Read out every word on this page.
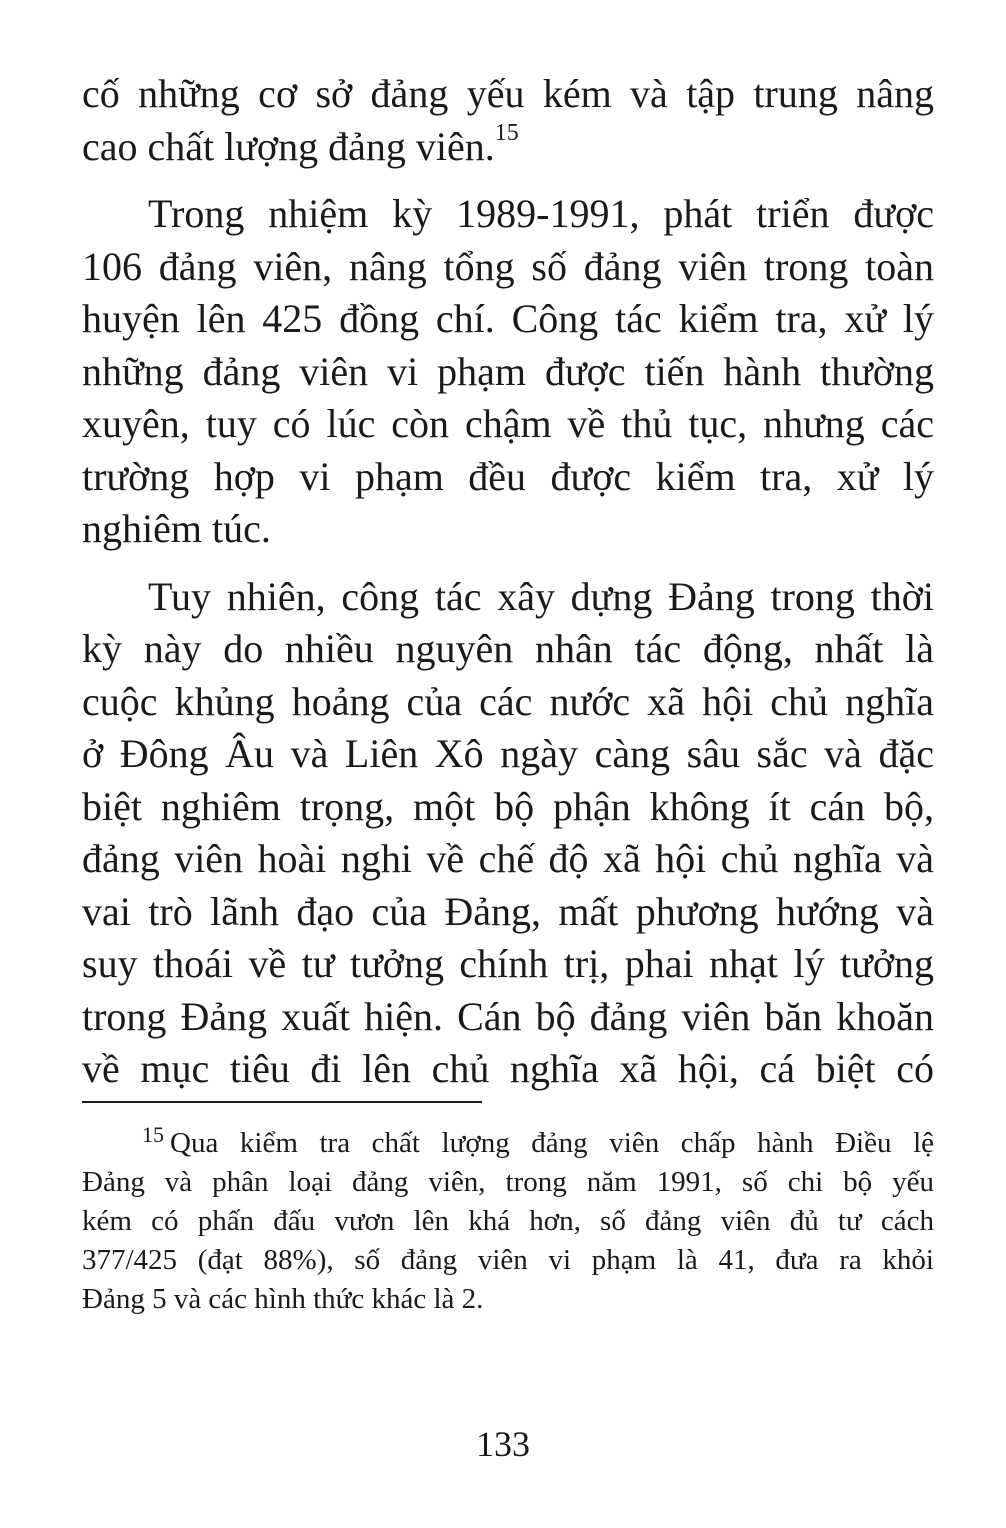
cố những cơ sở đảng yếu kém và tập trung nâng
cao chất lượng đảng viên.$^{15}$

Trong nhiệm kỳ 1989-1991, phát triển được
106 đảng viên, nâng tổng số đảng viên trong toàn
huyện lên 425 đồng chí. Công tác kiểm tra, xử lý
những đảng viên vi phạm được tiến hành thường
xuyên, tuy có lúc còn chậm về thủ tục, nhưng các
trường hợp vi phạm đều được kiểm tra, xử lý
nghiêm túc.

Tuy nhiên, công tác xây dựng Đảng trong thời
kỳ này do nhiều nguyên nhân tác động, nhất là
cuộc khủng hoảng của các nước xã hội chủ nghĩa
ở Đông Âu và Liên Xô ngày càng sâu sắc và đặc
biệt nghiêm trọng, một bộ phận không ít cán bộ,
đảng viên hoài nghi về chế độ xã hội chủ nghĩa và
vai trò lãnh đạo của Đảng, mất phương hướng và
suy thoái về tư tưởng chính trị, phai nhạt lý tưởng
trong Đảng xuất hiện. Cán bộ đảng viên băn khoăn
về mục tiêu đi lên chủ nghĩa xã hội, cá biệt có

$^{15}$ Qua kiểm tra chất lượng đảng viên chấp hành Điều lệ
Đảng và phân loại đảng viên, trong năm 1991, số chi bộ yếu
kém có phấn đấu vươn lên khá hơn, số đảng viên đủ tư cách
377/425 (đạt 88%), số đảng viên vi phạm là 41, đưa ra khỏi
Đảng 5 và các hình thức khác là 2.
133
